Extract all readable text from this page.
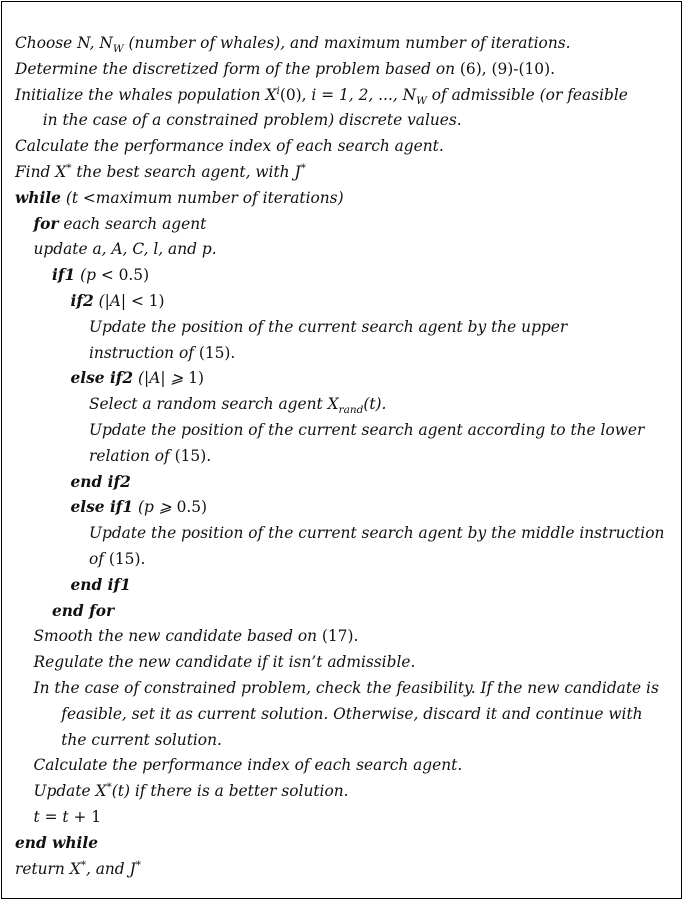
Choose N, $N_W$ (number of whales), and maximum number of iterations.
Determine the discretized form of the problem based on (6), (9)-(10).
Initialize the whales population $X^i(0)$, i = 1, 2, ..., $N_W$ of admissible (or feasible
in the case of a constrained problem) discrete values.
Calculate the performance index of each search agent.
Find X* the best search agent, with J*
while (t <maximum number of iterations)
for each search agent
update a, A, C, l, and p.
if1 (p < 0.5)
if2 (|A| < 1)
Update the position of the current search agent by the upper
instruction of (15).
else if2 (|A| ⩾ 1)
Select a random search agent $X_{rand}(t)$.
Update the position of the current search agent according to the lower
relation of (15).
end if2
else if1 (p ⩾ 0.5)
Update the position of the current search agent by the middle instruction
of (15).
end if1
end for
Smooth the new candidate based on (17).
Regulate the new candidate if it isn’t admissible.
In the case of constrained problem, check the feasibility. If the new candidate is
feasible, set it as current solution. Otherwise, discard it and continue with
the current solution.
Calculate the performance index of each search agent.
Update X*(t) if there is a better solution.
t = t + 1
end while
return X*, and J*
